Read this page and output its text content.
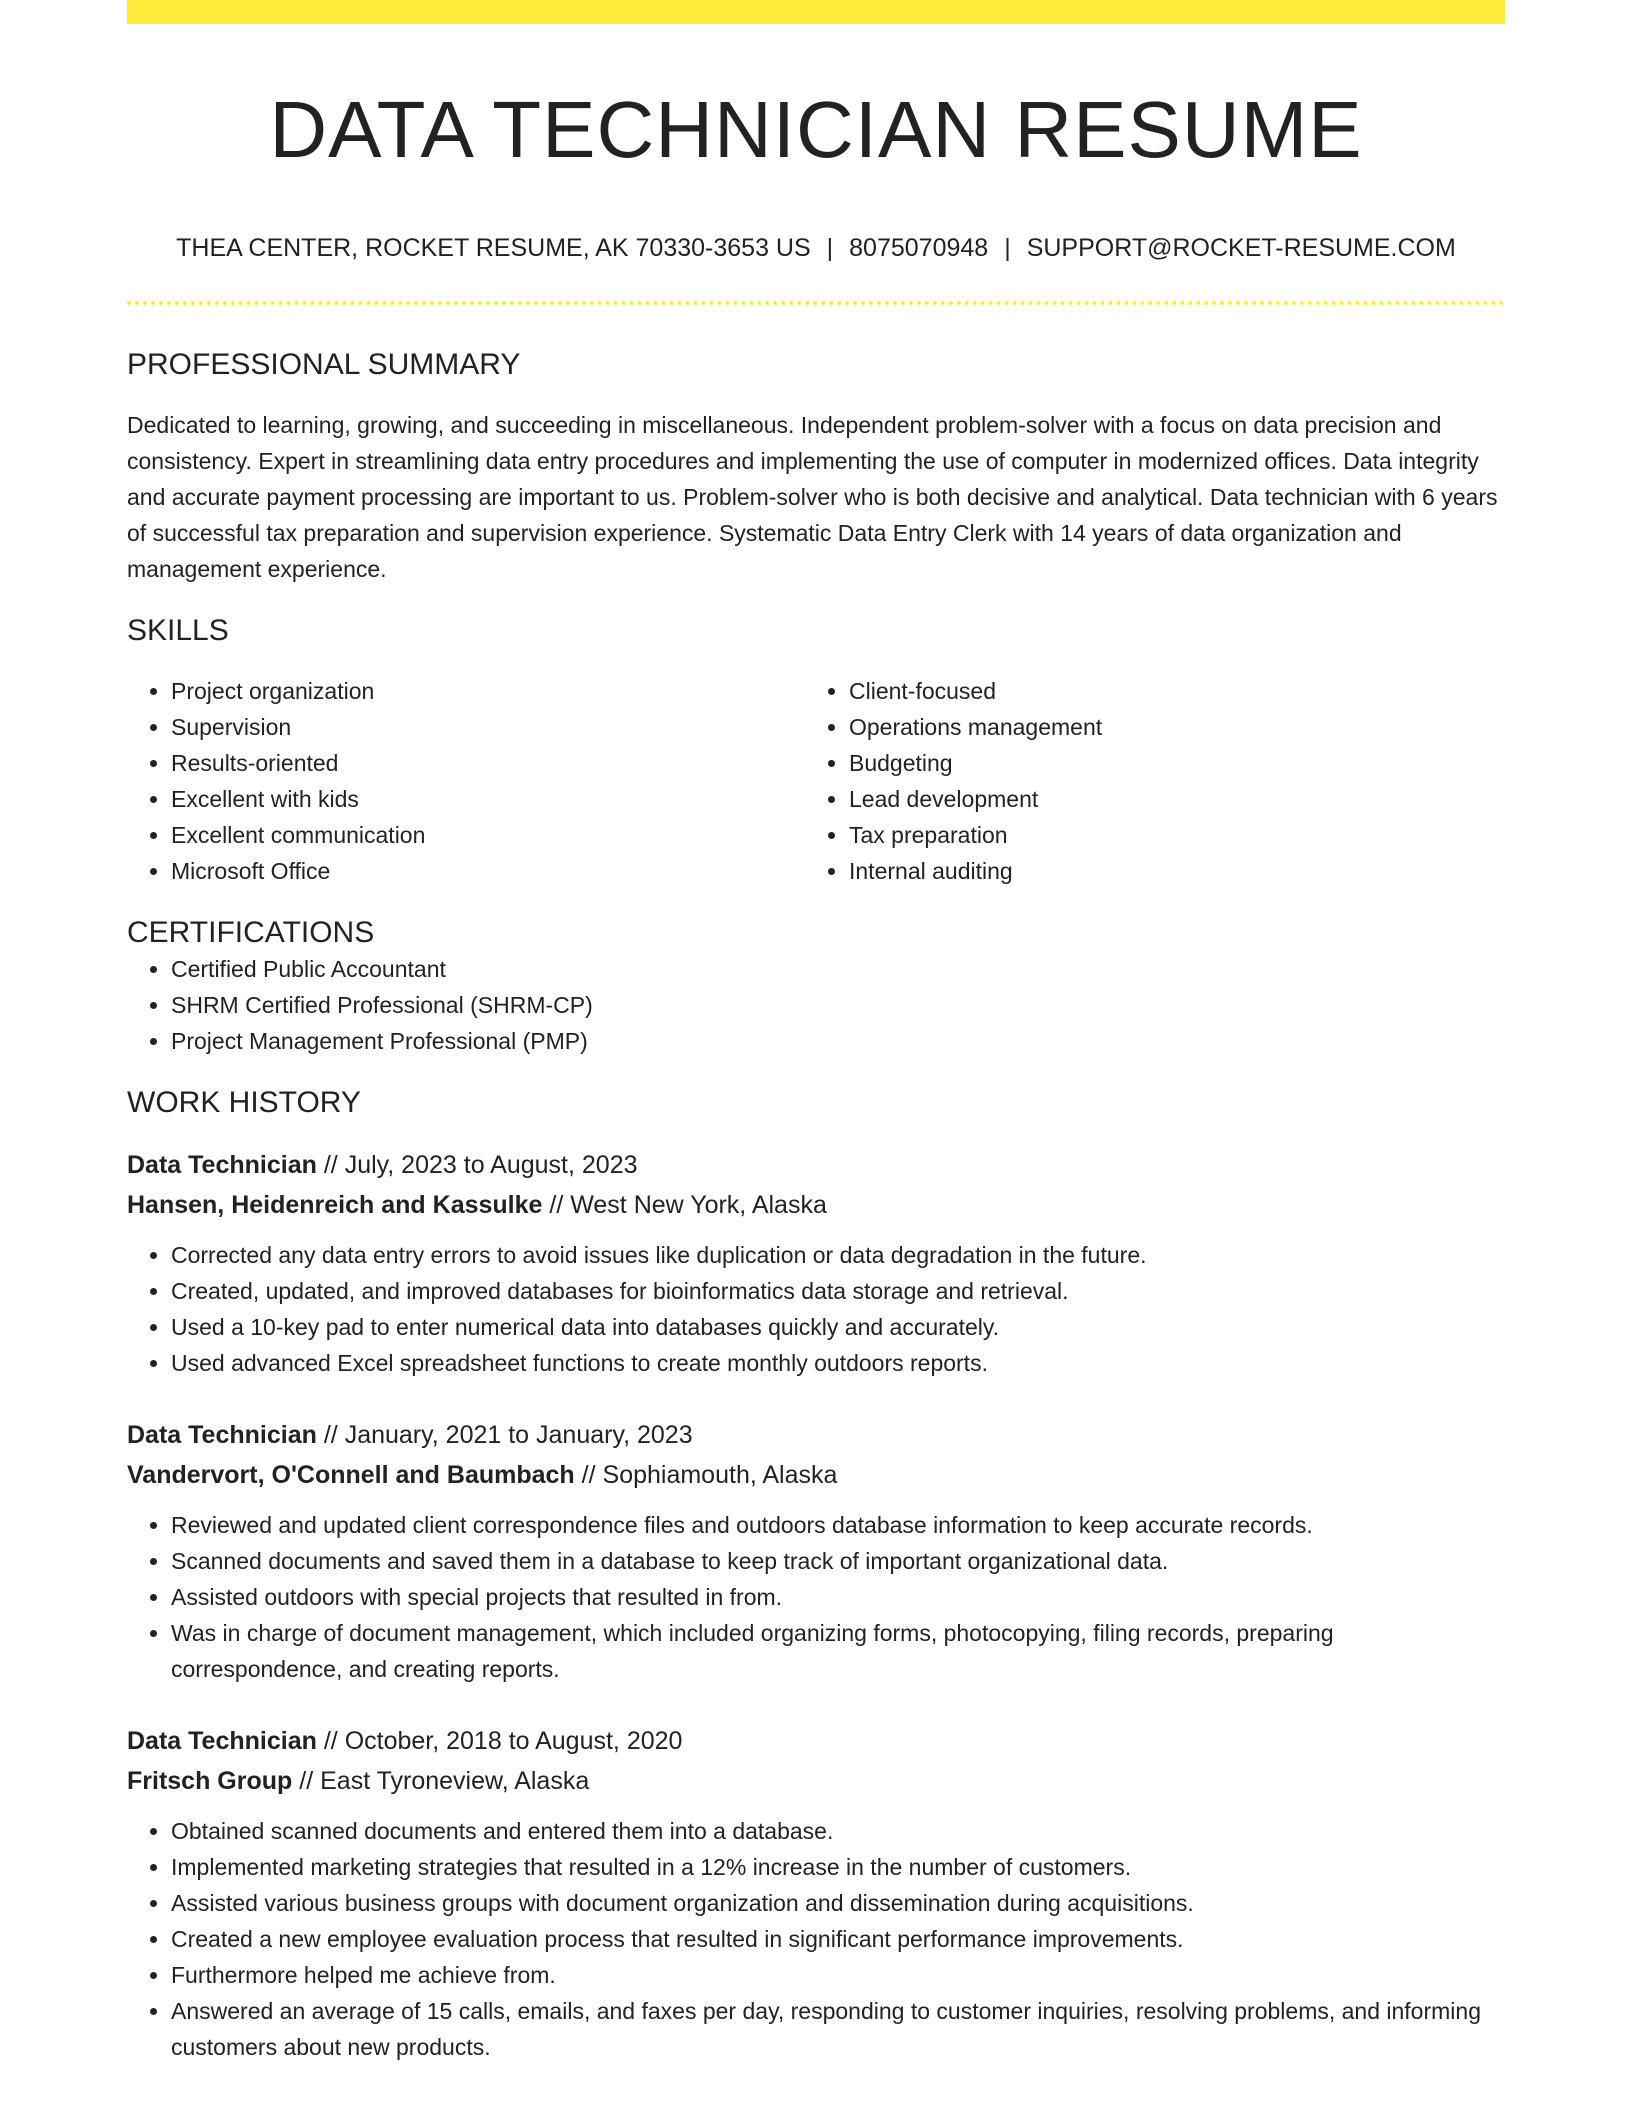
DATA TECHNICIAN RESUME
THEA CENTER, ROCKET RESUME, AK 70330-3653 US | 8075070948 | SUPPORT@ROCKET-RESUME.COM
PROFESSIONAL SUMMARY

Dedicated to learning, growing, and succeeding in miscellaneous. Independent problem-solver with a focus on data precision and consistency. Expert in streamlining data entry procedures and implementing the use of computer in modernized offices. Data integrity and accurate payment processing are important to us. Problem-solver who is both decisive and analytical. Data technician with 6 years of successful tax preparation and supervision experience. Systematic Data Entry Clerk with 14 years of data organization and management experience.

SKILLS
• Project organization
• Supervision
• Results-oriented
• Excellent with kids
• Excellent communication
• Microsoft Office
• Client-focused
• Operations management
• Budgeting
• Lead development
• Tax preparation
• Internal auditing
CERTIFICATIONS
• Certified Public Accountant
• SHRM Certified Professional (SHRM-CP)
• Project Management Professional (PMP)
WORK HISTORY
Data Technician // July, 2023 to August, 2023
Hansen, Heidenreich and Kassulke // West New York, Alaska
• Corrected any data entry errors to avoid issues like duplication or data degradation in the future.
• Created, updated, and improved databases for bioinformatics data storage and retrieval.
• Used a 10-key pad to enter numerical data into databases quickly and accurately.
• Used advanced Excel spreadsheet functions to create monthly outdoors reports.
Data Technician // January, 2021 to January, 2023
Vandervort, O'Connell and Baumbach // Sophiamouth, Alaska
• Reviewed and updated client correspondence files and outdoors database information to keep accurate records.
• Scanned documents and saved them in a database to keep track of important organizational data.
• Assisted outdoors with special projects that resulted in from.
• Was in charge of document management, which included organizing forms, photocopying, filing records, preparing correspondence, and creating reports.
Data Technician // October, 2018 to August, 2020
Fritsch Group // East Tyroneview, Alaska
• Obtained scanned documents and entered them into a database.
• Implemented marketing strategies that resulted in a 12% increase in the number of customers.
• Assisted various business groups with document organization and dissemination during acquisitions.
• Created a new employee evaluation process that resulted in significant performance improvements.
• Furthermore helped me achieve from.
• Answered an average of 15 calls, emails, and faxes per day, responding to customer inquiries, resolving problems, and informing customers about new products.
